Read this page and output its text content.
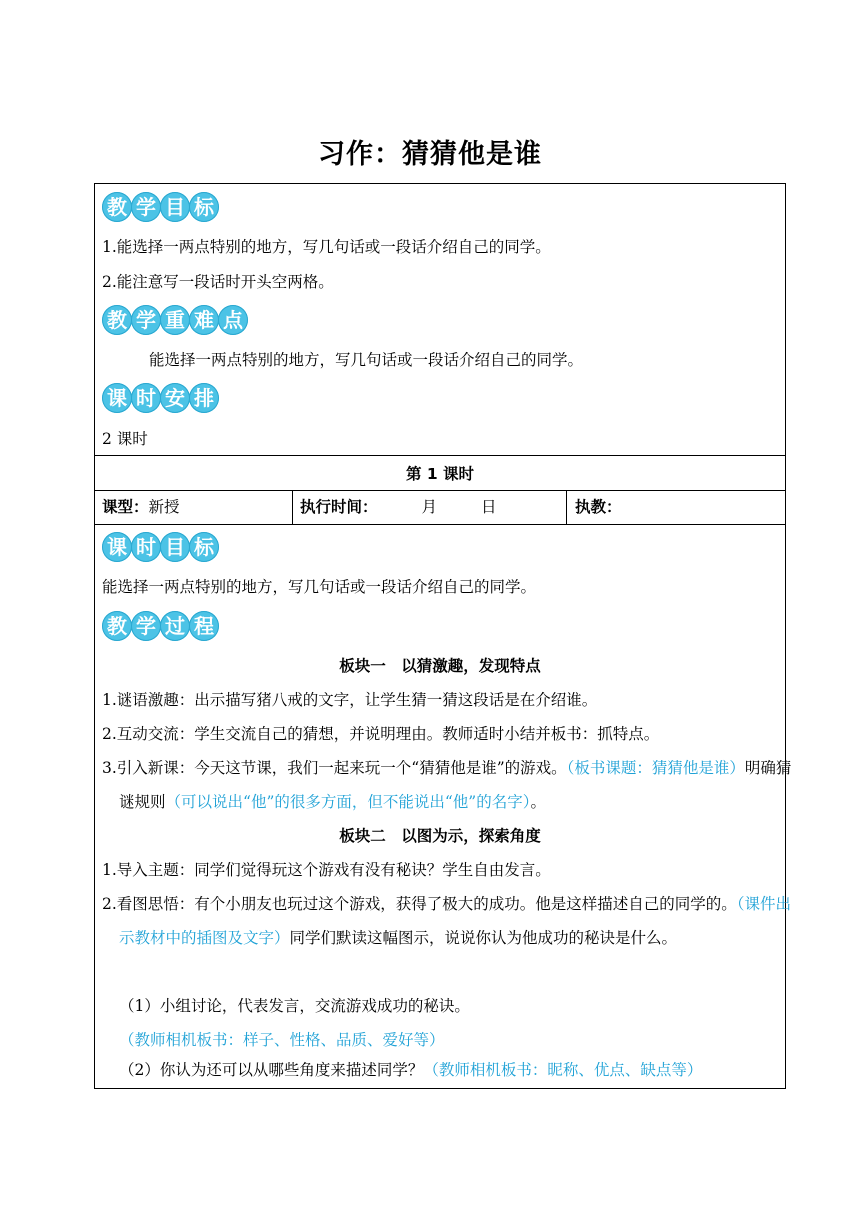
习作：猜猜他是谁
教 学 目 标
1.能选择一两点特别的地方，写几句话或一段话介绍自己的同学。
2.能注意写一段话时开头空两格。
教 学 重 难 点
能选择一两点特别的地方，写几句话或一段话介绍自己的同学。
课 时 安 排
2 课时
第 1 课时
课型：新授	执行时间：	月	日	执教：
课 时 目 标
能选择一两点特别的地方，写几句话或一段话介绍自己的同学。
教 学 过 程
板块一　以猜激趣，发现特点
1.谜语激趣：出示描写猪八戒的文字，让学生猜一猜这段话是在介绍谁。
2.互动交流：学生交流自己的猜想，并说明理由。教师适时小结并板书：抓特点。
3.引入新课：今天这节课，我们一起来玩一个“猜猜他是谁”的游戏。（板书课题：猜猜他是谁）明确猜谜规则（可以说出“他”的很多方面，但不能说出“他”的名字）。
板块二　以图为示，探索角度
1.导入主题：同学们觉得玩这个游戏有没有秘诀？学生自由发言。
2.看图思悟：有个小朋友也玩过这个游戏，获得了极大的成功。他是这样描述自己的同学的。（课件出示教材中的插图及文字）同学们默读这幅图示，说说你认为他成功的秘诀是什么。
（1）小组讨论，代表发言，交流游戏成功的秘诀。（教师相机板书：样子、性格、品质、爱好等）
（2）你认为还可以从哪些角度来描述同学？（教师相机板书：昵称、优点、缺点等）
